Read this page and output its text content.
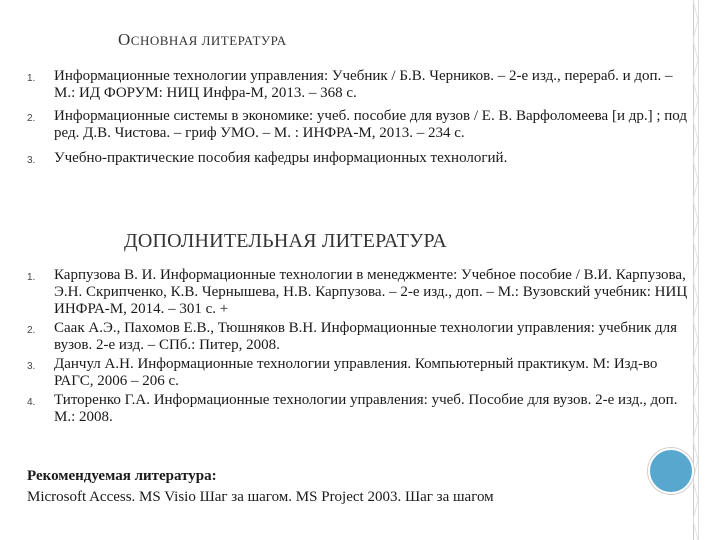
ОСНОВНАЯ ЛИТЕРАТУРА
1. Информационные технологии управления: Учебник / Б.В. Черников. – 2-е изд., перераб. и доп. – М.: ИД ФОРУМ: НИЦ Инфра-М, 2013. – 368 с.
2. Информационные системы в экономике: учеб. пособие для вузов / Е. В. Варфоломеева [и др.] ; под ред. Д.В. Чистова. – гриф УМО. – М. : ИНФРА-М, 2013. – 234 с.
3. Учебно-практические пособия кафедры информационных технологий.
ДОПОЛНИТЕЛЬНАЯ ЛИТЕРАТУРА
1. Карпузова В. И. Информационные технологии в менеджменте: Учебное пособие / В.И. Карпузова, Э.Н. Скрипченко, К.В. Чернышева, Н.В. Карпузова. – 2-е изд., доп. – М.: Вузовский учебник: НИЦ ИНФРА-М, 2014. – 301 с. +
2. Саак А.Э., Пахомов Е.В., Тюшняков В.Н. Информационные технологии управления: учебник для вузов. 2-е изд. – СПб.: Питер, 2008.
3. Данчул А.Н. Информационные технологии управления. Компьютерный практикум. М: Изд-во РАГС, 2006 – 206 с.
4. Титоренко Г.А. Информационные технологии управления: учеб. Пособие для вузов. 2-е изд., доп. М.: 2008.
Рекомендуемая литература:
Microsoft Access. MS Visio Шаг за шагом. MS Project 2003. Шаг за шагом
